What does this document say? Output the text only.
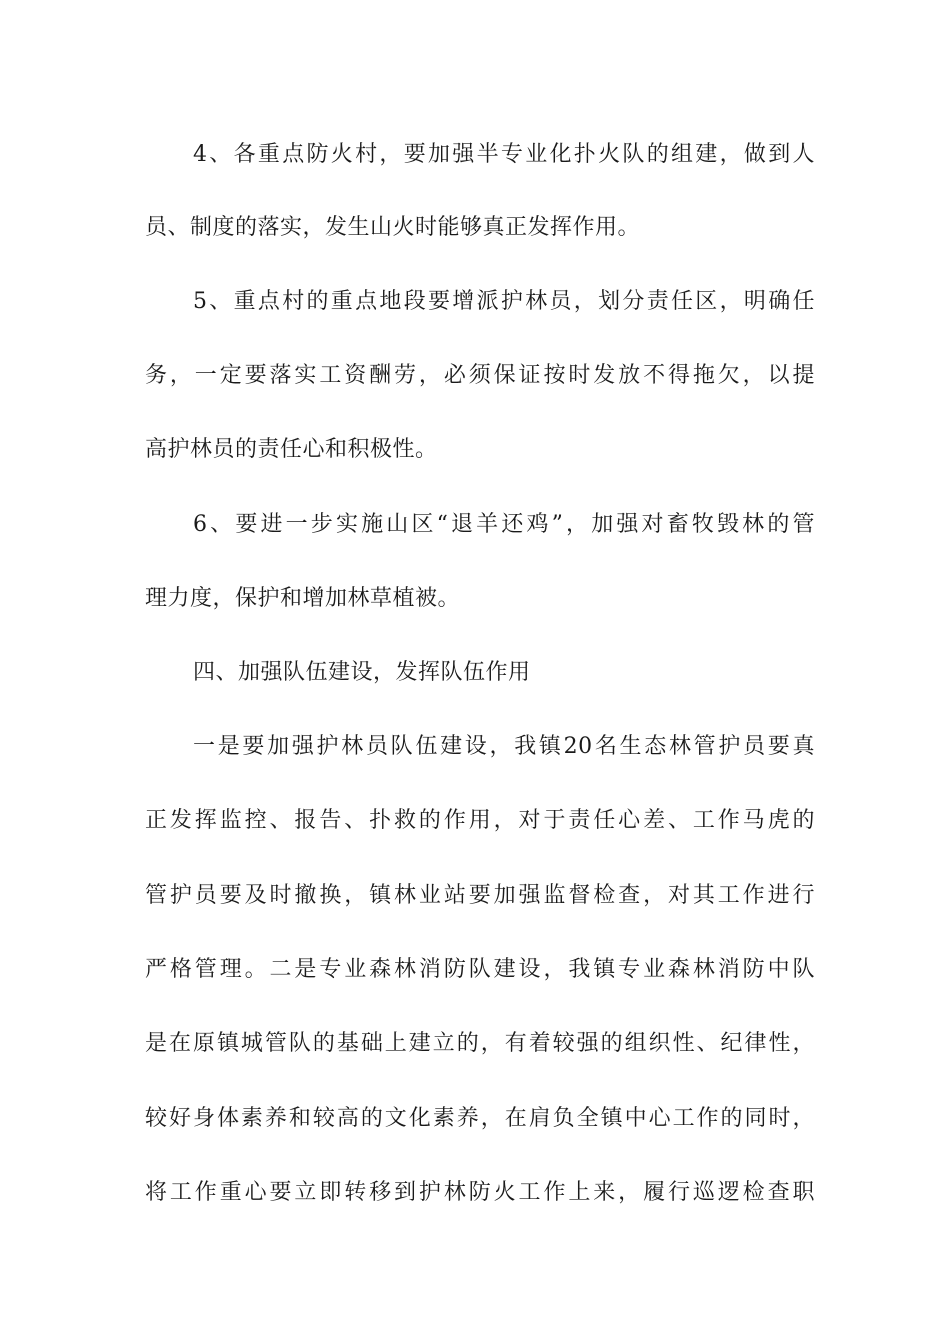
4、各重点防火村，要加强半专业化扑火队的组建，做到人
员、制度的落实，发生山火时能够真正发挥作用。
5、重点村的重点地段要增派护林员，划分责任区，明确任
务，一定要落实工资酬劳，必须保证按时发放不得拖欠，以提
高护林员的责任心和积极性。
6、要进一步实施山区“退羊还鸡”，加强对畜牧毁林的管
理力度，保护和增加林草植被。
四、加强队伍建设，发挥队伍作用
一是要加强护林员队伍建设，我镇20名生态林管护员要真
正发挥监控、报告、扑救的作用，对于责任心差、工作马虎的
管护员要及时撤换，镇林业站要加强监督检查，对其工作进行
严格管理。二是专业森林消防队建设，我镇专业森林消防中队
是在原镇城管队的基础上建立的，有着较强的组织性、纪律性，
较好身体素养和较高的文化素养，在肩负全镇中心工作的同时，
将工作重心要立即转移到护林防火工作上来，履行巡逻检查职
